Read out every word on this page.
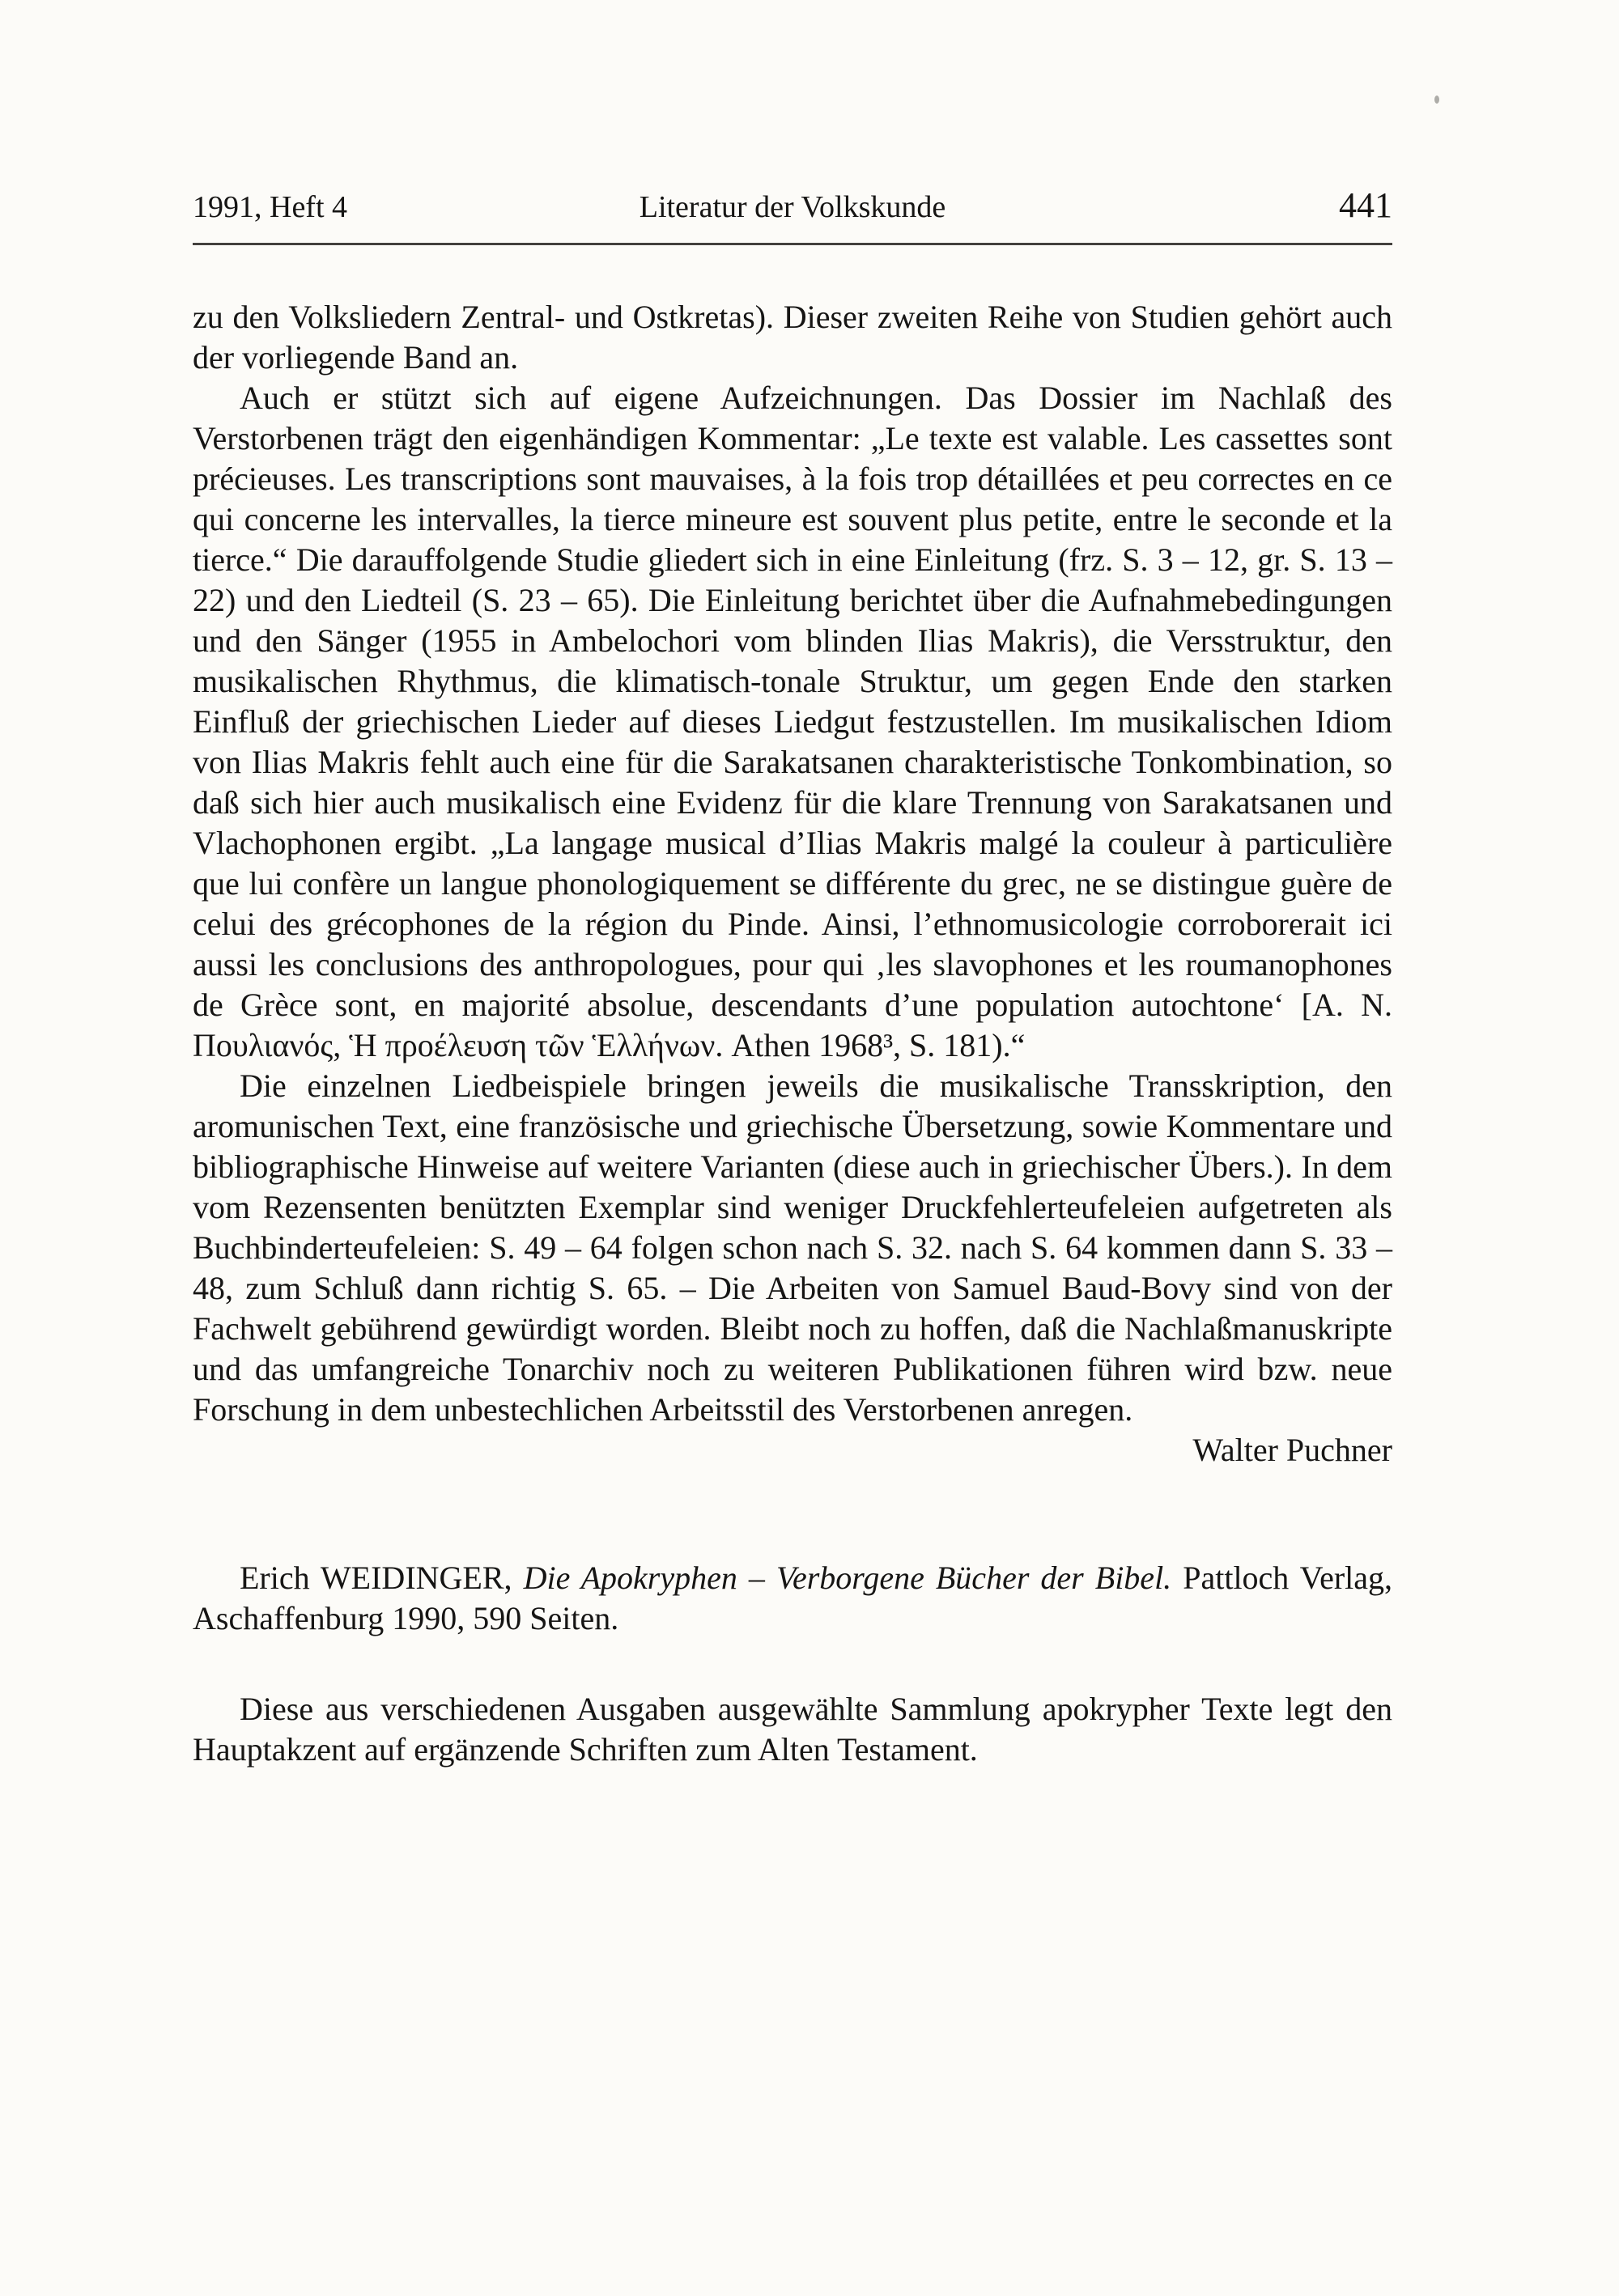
1991, Heft 4	Literatur der Volkskunde	441

zu den Volksliedern Zentral- und Ostkretas). Dieser zweiten Reihe von Studien gehört auch der vorliegende Band an.

Auch er stützt sich auf eigene Aufzeichnungen. Das Dossier im Nachlaß des Verstorbenen trägt den eigenhändigen Kommentar: „Le texte est valable. Les cassettes sont précieuses. Les transcriptions sont mauvaises, à la fois trop détaillées et peu correctes en ce qui concerne les intervalles, la tierce mineure est souvent plus petite, entre le seconde et la tierce.“ Die darauffolgende Studie gliedert sich in eine Einleitung (frz. S. 3 – 12, gr. S. 13 – 22) und den Liedteil (S. 23 – 65). Die Einleitung berichtet über die Aufnahmebedingungen und den Sänger (1955 in Ambelochori vom blinden Ilias Makris), die Versstruktur, den musikalischen Rhythmus, die klimatisch-tonale Struktur, um gegen Ende den starken Einfluß der griechischen Lieder auf dieses Liedgut festzustellen. Im musikalischen Idiom von Ilias Makris fehlt auch eine für die Sarakatsanen charakteristische Tonkombination, so daß sich hier auch musikalisch eine Evidenz für die klare Trennung von Sarakatsanen und Vlachophonen ergibt. „La langage musical d’Ilias Makris malgé la couleur à particulière que lui confère un langue phonologiquement se différente du grec, ne se distingue guère de celui des grécophones de la région du Pinde. Ainsi, l’ethnomusicologie corroborerait ici aussi les conclusions des anthropologues, pour qui ‚les slavophones et les roumanophones de Grèce sont, en majorité absolue, descendants d’une population autochtone‘ [A. N. Πουλιανός, Ἡ προέλευση τῶν Ἑλλήνων. Athen 1968³, S. 181).“

Die einzelnen Liedbeispiele bringen jeweils die musikalische Transskription, den aromunischen Text, eine französische und griechische Übersetzung, sowie Kommentare und bibliographische Hinweise auf weitere Varianten (diese auch in griechischer Übers.). In dem vom Rezensenten benützten Exemplar sind weniger Druckfehlerteufeleien aufgetreten als Buchbinderteufeleien: S. 49 – 64 folgen schon nach S. 32. nach S. 64 kommen dann S. 33 – 48, zum Schluß dann richtig S. 65. – Die Arbeiten von Samuel Baud-Bovy sind von der Fachwelt gebührend gewürdigt worden. Bleibt noch zu hoffen, daß die Nachlaßmanuskripte und das umfangreiche Tonarchiv noch zu weiteren Publikationen führen wird bzw. neue Forschung in dem unbestechlichen Arbeitsstil des Verstorbenen anregen.

Walter Puchner

Erich WEIDINGER, Die Apokryphen – Verborgene Bücher der Bibel. Pattloch Verlag, Aschaffenburg 1990, 590 Seiten.

Diese aus verschiedenen Ausgaben ausgewählte Sammlung apokrypher Texte legt den Hauptakzent auf ergänzende Schriften zum Alten Testament.
